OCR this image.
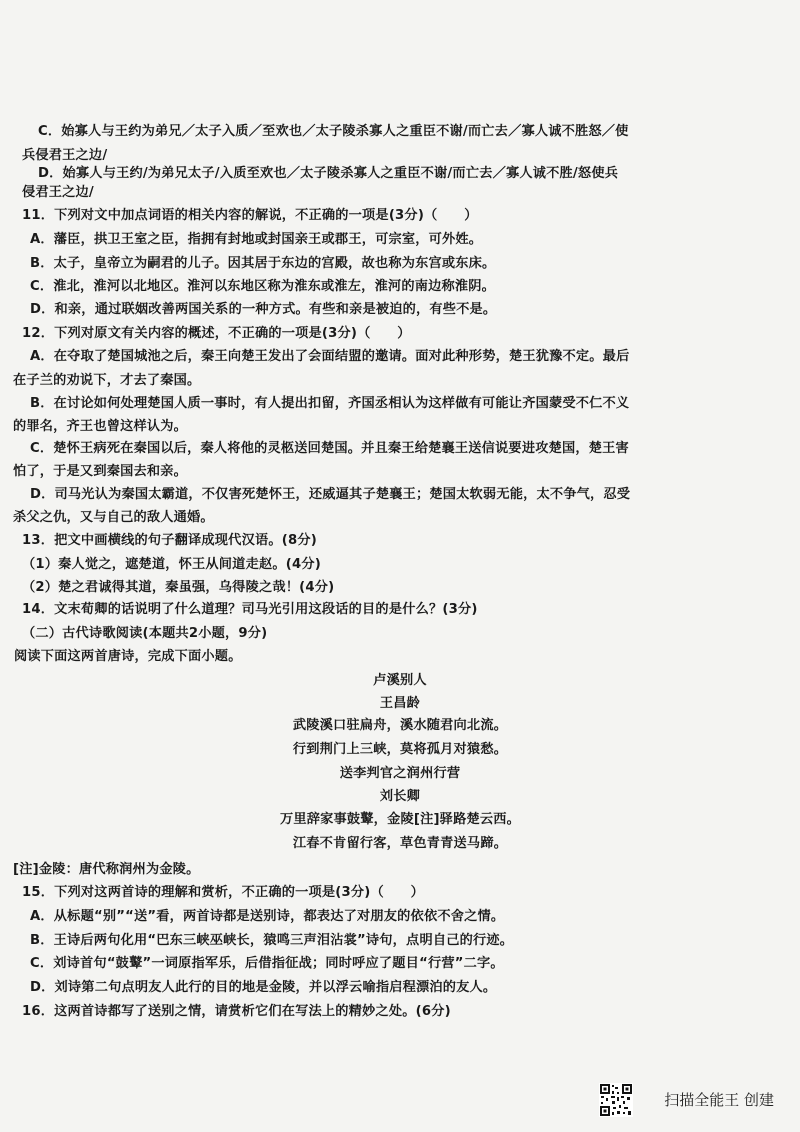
C．始寡人与王约为弟兄／太子入质／至欢也／太子陵杀寡人之重臣不谢/而亡去／寡人诚不胜怒／使
兵侵君王之边/
D．始寡人与王约/为弟兄太子/入质至欢也／太子陵杀寡人之重臣不谢/而亡去／寡人诚不胜/怒使兵
侵君王之边/
11．下列对文中加点词语的相关内容的解说，不正确的一项是(3分)（　　）
A．藩臣，拱卫王室之臣，指拥有封地或封国亲王或郡王，可宗室，可外姓。
B．太子，皇帝立为嗣君的儿子。因其居于东边的宫殿，故也称为东宫或东床。
C．淮北，淮河以北地区。淮河以东地区称为淮东或淮左，淮河的南边称淮阴。
D．和亲，通过联姻改善两国关系的一种方式。有些和亲是被迫的，有些不是。
12．下列对原文有关内容的概述，不正确的一项是(3分)（　　）
A．在夺取了楚国城池之后，秦王向楚王发出了会面结盟的邀请。面对此种形势，楚王犹豫不定。最后
在子兰的劝说下，才去了秦国。
B．在讨论如何处理楚国人质一事时，有人提出扣留，齐国丞相认为这样做有可能让齐国蒙受不仁不义
的罪名，齐王也曾这样认为。
C．楚怀王病死在秦国以后，秦人将他的灵柩送回楚国。并且秦王给楚襄王送信说要进攻楚国，楚王害
怕了，于是又到秦国去和亲。
D．司马光认为秦国太霸道，不仅害死楚怀王，还威逼其子楚襄王；楚国太软弱无能，太不争气，忍受
杀父之仇，又与自己的敌人通婚。
13．把文中画横线的句子翻译成现代汉语。(8分)
（1）秦人觉之，遮楚道，怀王从间道走赵。(4分)
（2）楚之君诚得其道，秦虽强，乌得陵之哉！(4分)
14．文末荀卿的话说明了什么道理？司马光引用这段话的目的是什么？(3分)
（二）古代诗歌阅读(本题共2小题，9分)
阅读下面这两首唐诗，完成下面小题。
卢溪别人
王昌龄
武陵溪口驻扁舟，溪水随君向北流。
行到荆门上三峡，莫将孤月对猿愁。
送李判官之润州行营
刘长卿
万里辞家事鼓鼙，金陵[注]驿路楚云西。
江春不肯留行客，草色青青送马蹄。
[注]金陵：唐代称润州为金陵。
15．下列对这两首诗的理解和赏析，不正确的一项是(3分)（　　）
A．从标题“别”“送”看，两首诗都是送别诗，都表达了对朋友的依依不舍之情。
B．王诗后两句化用“巴东三峡巫峡长，猿鸣三声泪沾裳”诗句，点明自己的行迹。
C．刘诗首句“鼓鼙”一词原指军乐，后借指征战；同时呼应了题目“行营”二字。
D．刘诗第二句点明友人此行的目的地是金陵，并以浮云喻指启程漂泊的友人。
16．这两首诗都写了送别之情，请赏析它们在写法上的精妙之处。(6分)
扫描全能王 创建
